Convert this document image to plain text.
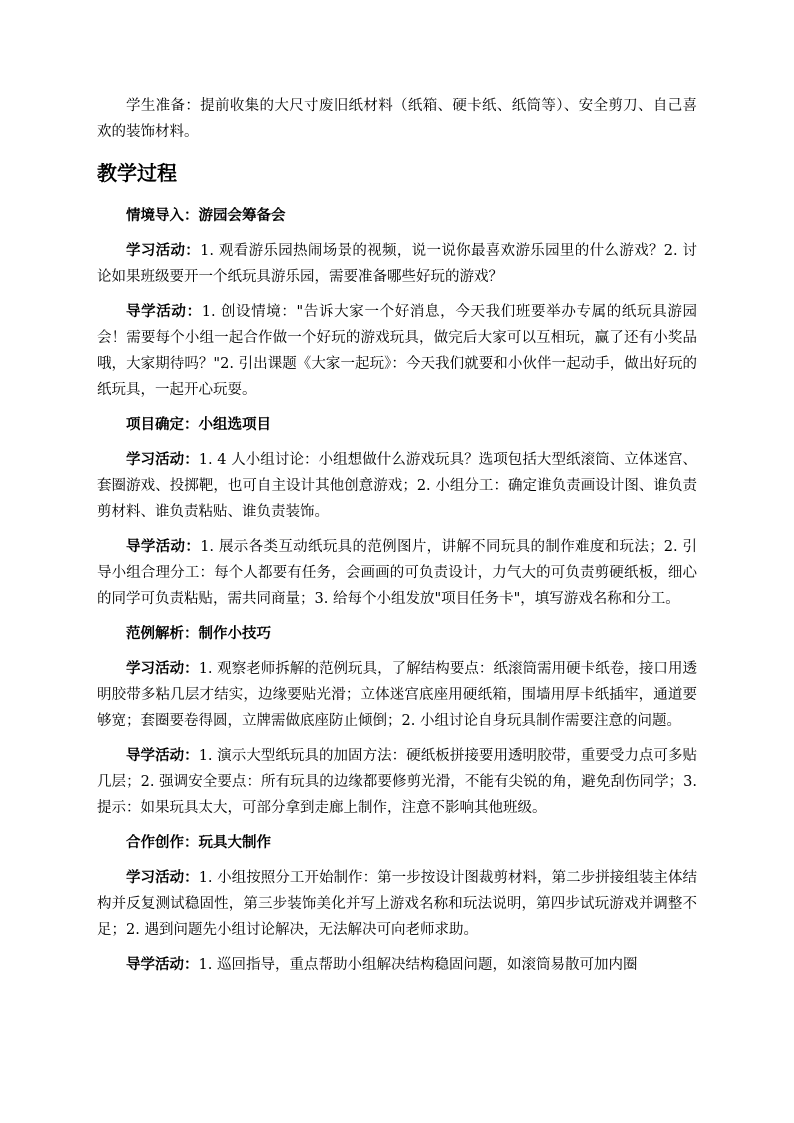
学生准备：提前收集的大尺寸废旧纸材料（纸箱、硬卡纸、纸筒等）、安全剪刀、自己喜欢的装饰材料。

教学过程

情境导入：游园会筹备会

学习活动：1. 观看游乐园热闹场景的视频，说一说你最喜欢游乐园里的什么游戏？2. 讨论如果班级要开一个纸玩具游乐园，需要准备哪些好玩的游戏？

导学活动：1. 创设情境："告诉大家一个好消息，今天我们班要举办专属的纸玩具游园会！需要每个小组一起合作做一个好玩的游戏玩具，做完后大家可以互相玩，赢了还有小奖品哦，大家期待吗？"2. 引出课题《大家一起玩》：今天我们就要和小伙伴一起动手，做出好玩的纸玩具，一起开心玩耍。

项目确定：小组选项目

学习活动：1. 4 人小组讨论：小组想做什么游戏玩具？选项包括大型纸滚筒、立体迷宫、套圈游戏、投掷靶，也可自主设计其他创意游戏；2. 小组分工：确定谁负责画设计图、谁负责剪材料、谁负责粘贴、谁负责装饰。

导学活动：1. 展示各类互动纸玩具的范例图片，讲解不同玩具的制作难度和玩法；2. 引导小组合理分工：每个人都要有任务，会画画的可负责设计，力气大的可负责剪硬纸板，细心的同学可负责粘贴，需共同商量；3. 给每个小组发放"项目任务卡"，填写游戏名称和分工。

范例解析：制作小技巧

学习活动：1. 观察老师拆解的范例玩具，了解结构要点：纸滚筒需用硬卡纸卷，接口用透明胶带多粘几层才结实，边缘要贴光滑；立体迷宫底座用硬纸箱，围墙用厚卡纸插牢，通道要够宽；套圈要卷得圆，立牌需做底座防止倾倒；2. 小组讨论自身玩具制作需要注意的问题。

导学活动：1. 演示大型纸玩具的加固方法：硬纸板拼接要用透明胶带，重要受力点可多贴几层；2. 强调安全要点：所有玩具的边缘都要修剪光滑，不能有尖锐的角，避免刮伤同学；3. 提示：如果玩具太大，可部分拿到走廊上制作，注意不影响其他班级。

合作创作：玩具大制作

学习活动：1. 小组按照分工开始制作：第一步按设计图裁剪材料，第二步拼接组装主体结构并反复测试稳固性，第三步装饰美化并写上游戏名称和玩法说明，第四步试玩游戏并调整不足；2. 遇到问题先小组讨论解决，无法解决可向老师求助。

导学活动：1. 巡回指导，重点帮助小组解决结构稳固问题，如滚筒易散可加内圈
